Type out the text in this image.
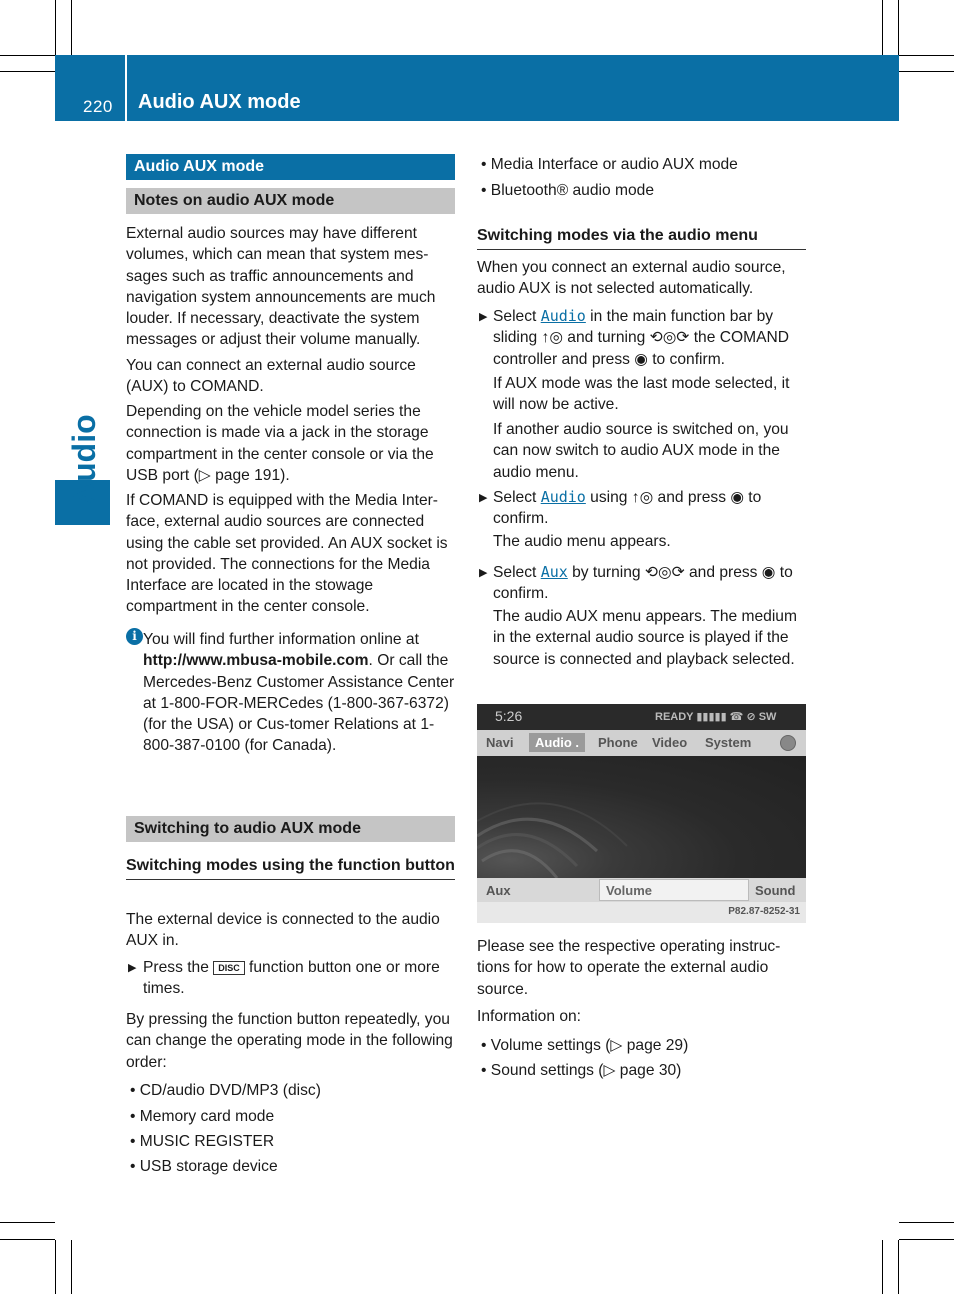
220 Audio AUX mode
Audio
Audio AUX mode
Notes on audio AUX mode
External audio sources may have different volumes, which can mean that system mes-sages such as traffic announcements and navigation system announcements are much louder. If necessary, deactivate the system messages or adjust their volume manually.
You can connect an external audio source (AUX) to COMAND.
Depending on the vehicle model series the connection is made via a jack in the storage compartment in the center console or via the USB port (▷ page 191).
If COMAND is equipped with the Media Inter-face, external audio sources are connected using the cable set provided. An AUX socket is not provided. The connections for the Media Interface are located in the stowage compartment in the center console.
i You will find further information online at http://www.mbusa-mobile.com. Or call the Mercedes-Benz Customer Assistance Center at 1-800-FOR-MERCedes (1-800-367-6372) (for the USA) or Cus-tomer Relations at 1-800-387-0100 (for Canada).
Switching to audio AUX mode
Switching modes using the function button
The external device is connected to the audio AUX in.
▶ Press the DISC function button one or more times.
By pressing the function button repeatedly, you can change the operating mode in the following order:
• CD/audio DVD/MP3 (disc)
• Memory card mode
• MUSIC REGISTER
• USB storage device
• Media Interface or audio AUX mode
• Bluetooth® audio mode
Switching modes via the audio menu
When you connect an external audio source, audio AUX is not selected automatically.
▶ Select Audio in the main function bar by sliding ↑◎ and turning ⟲◎⟳ the COMAND controller and press ◉ to confirm.
If AUX mode was the last mode selected, it will now be active.
If another audio source is switched on, you can now switch to audio AUX mode in the audio menu.
▶ Select Audio using ↑◎ and press ◉ to confirm.
The audio menu appears.
▶ Select Aux by turning ⟲◎⟳ and press ◉ to confirm.
The audio AUX menu appears. The medium in the external audio source is played if the source is connected and playback selected.
5:26	READY ▮▮▮▮▮ ☎ ⊘ SW
Navi	Audio .	Phone Video System
Aux	Volume	Sound
P82.87-8252-31
Please see the respective operating instruc-tions for how to operate the external audio source.
Information on:
• Volume settings (▷ page 29)
• Sound settings (▷ page 30)
